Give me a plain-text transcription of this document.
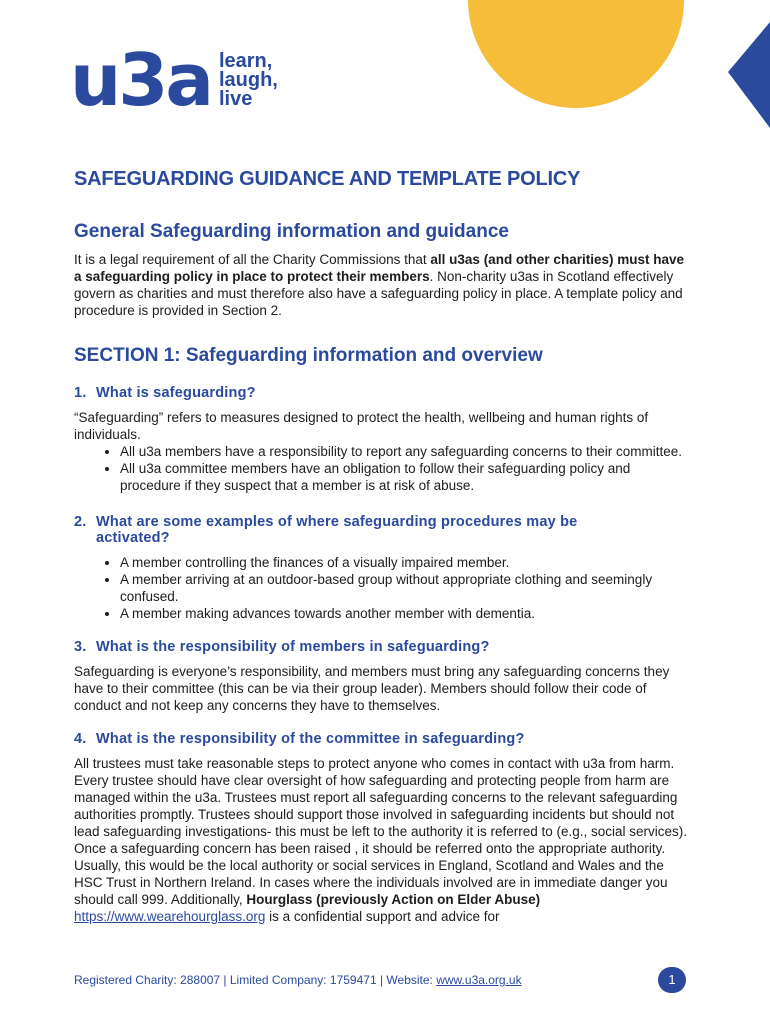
u3a learn,
laugh,
live
SAFEGUARDING GUIDANCE AND TEMPLATE POLICY
General Safeguarding information and guidance

It is a legal requirement of all the Charity Commissions that all u3as (and other charities) must have a safeguarding policy in place to protect their members. Non-charity u3as in Scotland effectively govern as charities and must therefore also have a safeguarding policy in place. A template policy and procedure is provided in Section 2.

SECTION 1: Safeguarding information and overview
1. What is safeguarding?

“Safeguarding” refers to measures designed to protect the health, wellbeing and human rights of individuals.

• All u3a members have a responsibility to report any safeguarding concerns to their committee.
• All u3a committee members have an obligation to follow their safeguarding policy and procedure if they suspect that a member is at risk of abuse.
2. What are some examples of where safeguarding procedures may be
activated?
• A member controlling the finances of a visually impaired member.
• A member arriving at an outdoor-based group without appropriate clothing and seemingly confused.
• A member making advances towards another member with dementia.
3. What is the responsibility of members in safeguarding?

Safeguarding is everyone’s responsibility, and members must bring any safeguarding concerns they have to their committee (this can be via their group leader). Members should follow their code of conduct and not keep any concerns they have to themselves.

4. What is the responsibility of the committee in safeguarding?

All trustees must take reasonable steps to protect anyone who comes in contact with u3a from harm. Every trustee should have clear oversight of how safeguarding and protecting people from harm are managed within the u3a. Trustees must report all safeguarding concerns to the relevant safeguarding authorities promptly. Trustees should support those involved in safeguarding incidents but should not lead safeguarding investigations- this must be left to the authority it is referred to (e.g., social services).

Once a safeguarding concern has been raised , it should be referred onto the appropriate authority. Usually, this would be the local authority or social services in England, Scotland and Wales and the HSC Trust in Northern Ireland. In cases where the individuals involved are in immediate danger you should call 999. Additionally, Hourglass (previously Action on Elder Abuse) https://www.wearehourglass.org is a confidential support and advice for

Registered Charity: 288007 | Limited Company: 1759471 | Website: www.u3a.org.uk	1
